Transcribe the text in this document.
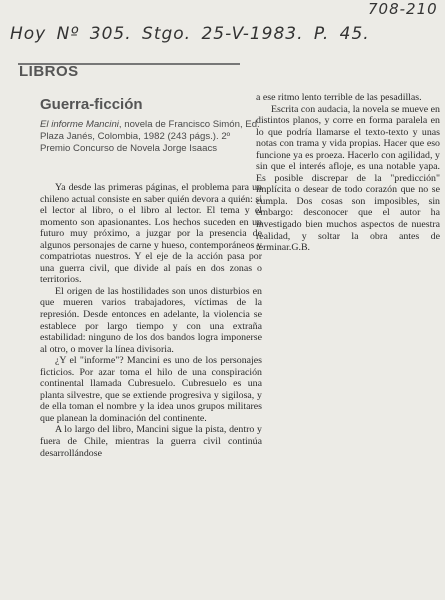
708-210
Hoy Nº 305. Stgo. 25-V-1983. P. 45.
LIBROS
Guerra-ficción
El informe Mancini, novela de Francisco Simón, Ed. Plaza Janés, Colombia, 1982 (243 págs.). 2º Premio Concurso de Novela Jorge Isaacs

Ya desde las primeras páginas, el problema para un chileno actual consiste en saber quién devora a quién: si el lector al libro, o el libro al lector. El tema y el momento son apasionantes. Los hechos suceden en un futuro muy próximo, a juzgar por la presencia de algunos personajes de carne y hueso, contemporáneos y compatriotas nuestros. Y el eje de la acción pasa por una guerra civil, que divide al país en dos zonas o territorios.

El origen de las hostilidades son unos disturbios en que mueren varios trabajadores, víctimas de la represión. Desde entonces en adelante, la violencia se establece por largo tiempo y con una extraña estabilidad: ninguno de los dos bandos logra imponerse al otro, o mover la línea divisoria.

¿Y el "informe"? Mancini es uno de los personajes ficticios. Por azar toma el hilo de una conspiración continental llamada Cubresuelo. Cubresuelo es una planta silvestre, que se extiende progresiva y sigilosa, y de ella toman el nombre y la idea unos grupos militares que planean la dominación del continente.

A lo largo del libro, Mancini sigue la pista, dentro y fuera de Chile, mientras la guerra civil continúa desarrollándose

a ese ritmo lento terrible de las pesadillas.

Escrita con audacia, la novela se mueve en distintos planos, y corre en forma paralela en lo que podría llamarse el texto-texto y unas notas con trama y vida propias. Hacer que eso funcione ya es proeza. Hacerlo con agilidad, y sin que el interés afloje, es una notable yapa. Es posible discrepar de la "predicción" implícita o desear de todo corazón que no se cumpla. Dos cosas son imposibles, sin embargo: desconocer que el autor ha investigado bien muchos aspectos de nuestra realidad, y soltar la obra antes de terminar.G.B.
